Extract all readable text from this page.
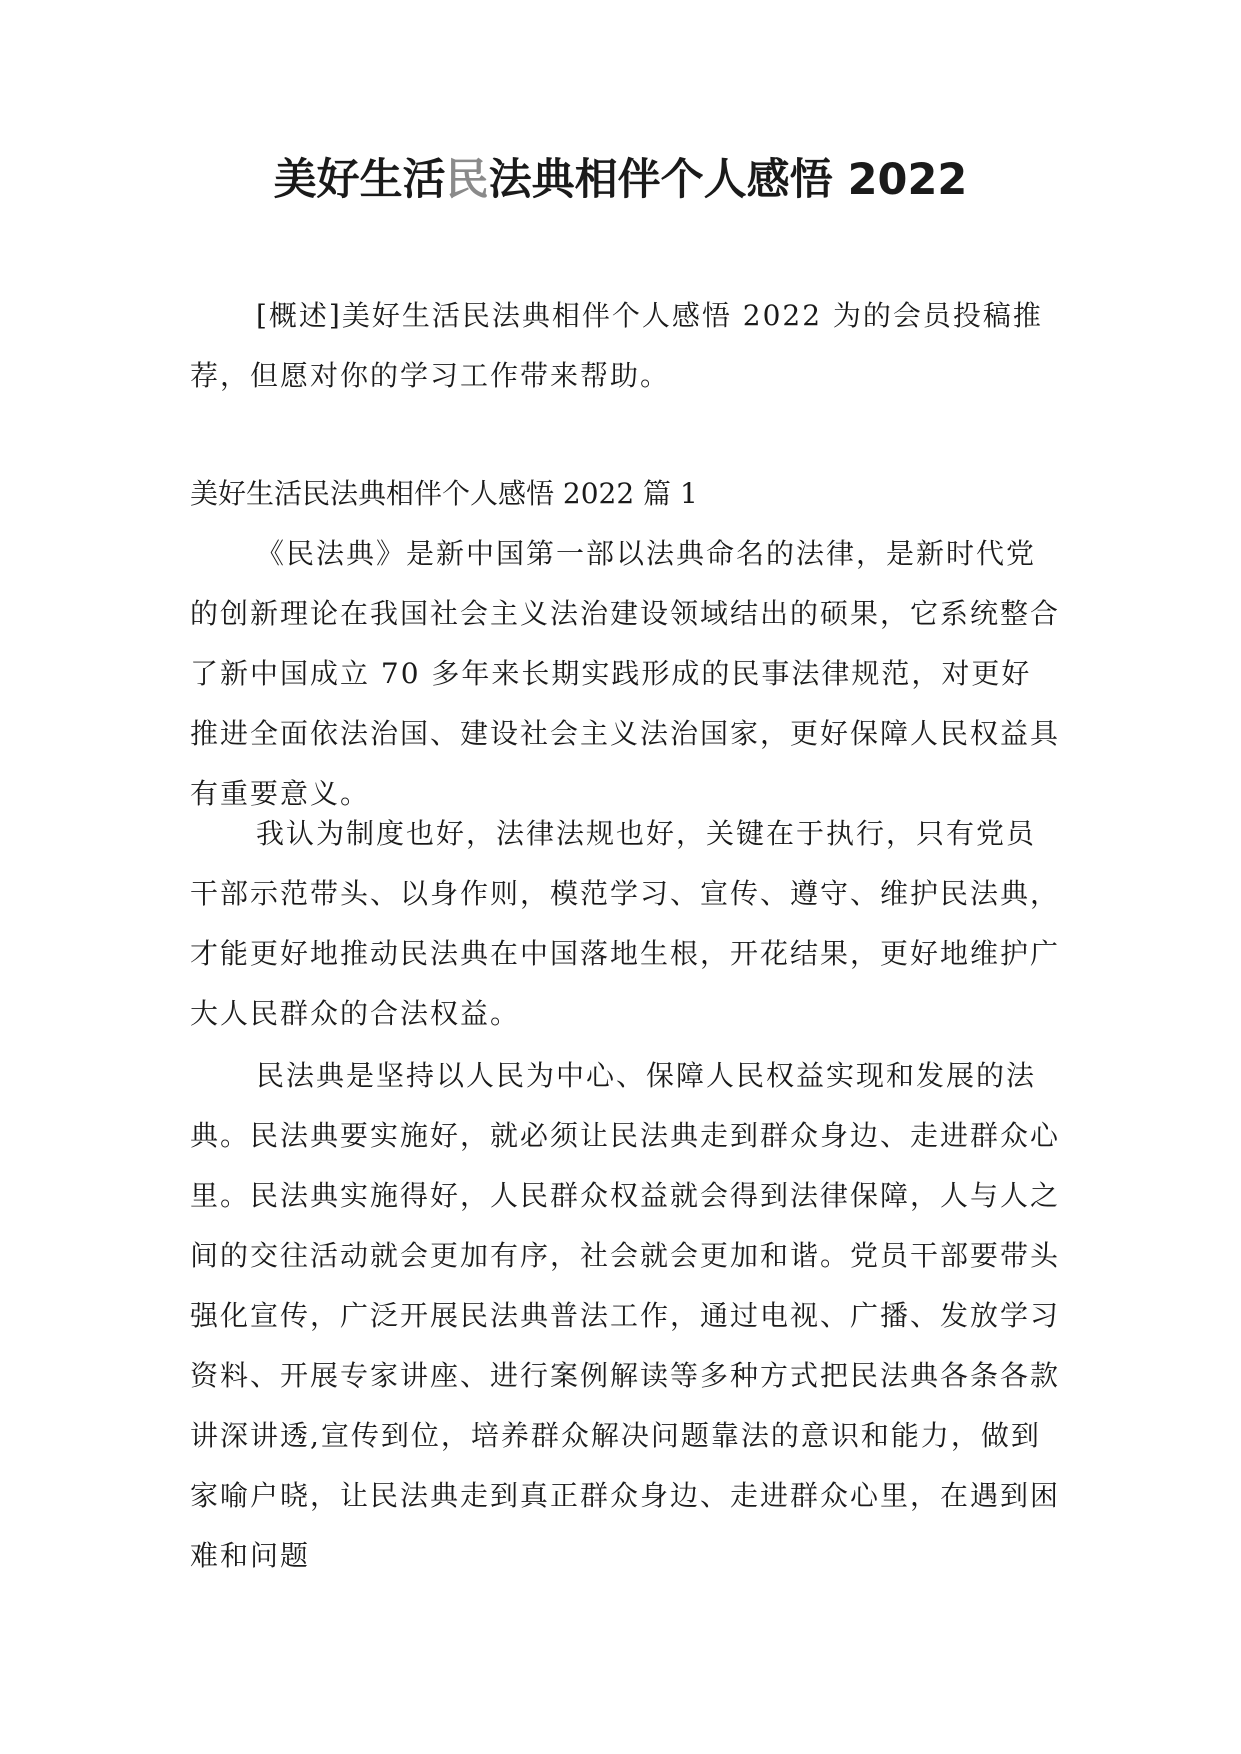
美好生活民法典相伴个人感悟 2022

[概述]美好生活民法典相伴个人感悟 2022 为的会员投稿推荐，但愿对你的学习工作带来帮助。

美好生活民法典相伴个人感悟 2022 篇 1

《民法典》是新中国第一部以法典命名的法律，是新时代党的创新理论在我国社会主义法治建设领域结出的硕果，它系统整合了新中国成立 70 多年来长期实践形成的民事法律规范，对更好推进全面依法治国、建设社会主义法治国家，更好保障人民权益具有重要意义。

我认为制度也好，法律法规也好，关键在于执行，只有党员干部示范带头、以身作则，模范学习、宣传、遵守、维护民法典，才能更好地推动民法典在中国落地生根，开花结果，更好地维护广大人民群众的合法权益。

民法典是坚持以人民为中心、保障人民权益实现和发展的法典。民法典要实施好，就必须让民法典走到群众身边、走进群众心里。民法典实施得好，人民群众权益就会得到法律保障，人与人之间的交往活动就会更加有序，社会就会更加和谐。党员干部要带头强化宣传，广泛开展民法典普法工作，通过电视、广播、发放学习资料、开展专家讲座、进行案例解读等多种方式把民法典各条各款讲深讲透,宣传到位，培养群众解决问题靠法的意识和能力，做到家喻户晓，让民法典走到真正群众身边、走进群众心里，在遇到困难和问题
